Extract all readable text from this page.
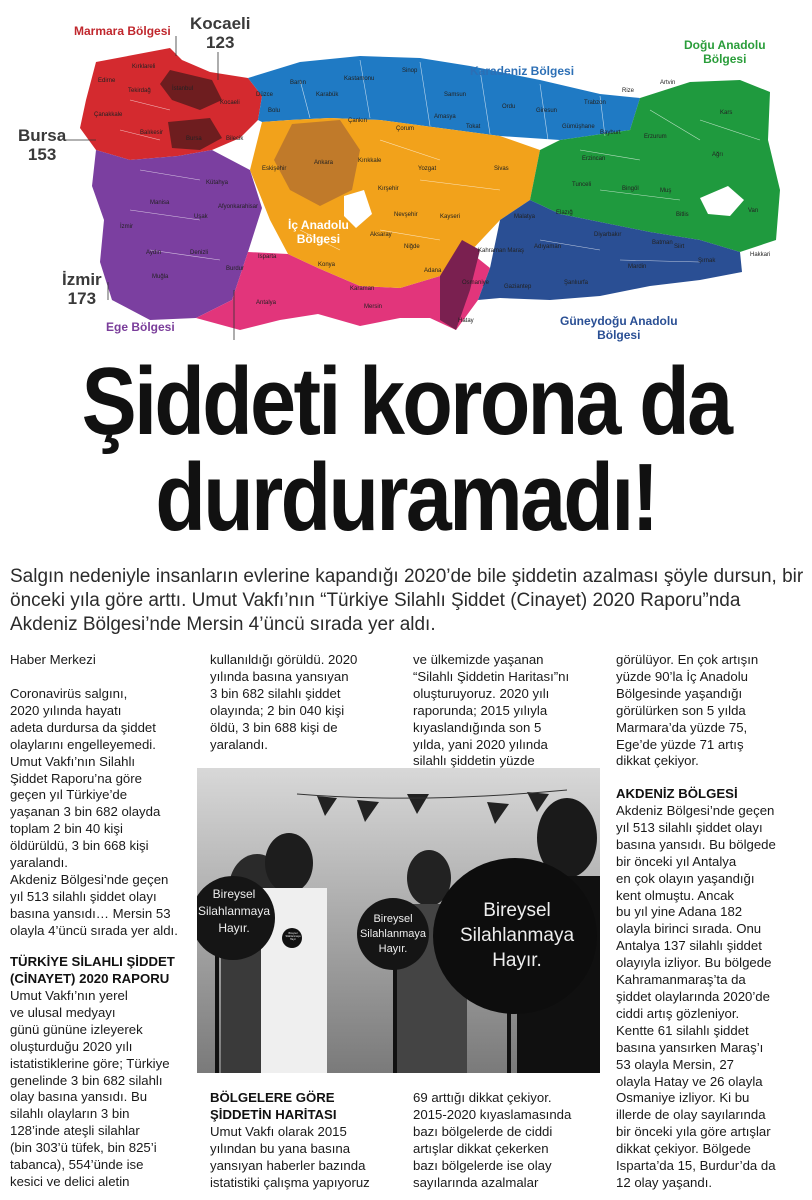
Marmara Bölgesi
Karadeniz Bölgesi
Doğu Anadolu
Bölgesi
İç Anadolu
Bölgesi
Ege Bölgesi	Güneydoğu Anadolu
Bölgesi
Kocaeli
123
Bursa
153
İzmir
173
Kırklareli
Edirne
Tekirdağ	İstanbul
Çanakkale
Balıkesir
Bursa	Bilecik
Kocaeli
Düzce
Bolu
Bartın
Karabük
Kastamonu
Sinop
Samsun
Çorum
Amasya
Tokat
Ordu
Giresun
Trabzon
Rize
Artvin
Gümüşhane
Bayburt
Çankırı
Ankara	Kırıkkale
Yozgat	Sivas
Kırşehir
Nevşehir	Kayseri
Aksaray
Niğde
Konya
Karaman
Eskişehir
Kütahya
Afyonkarahisar
Manisa
Uşak
İzmir
Aydın	Denizli
Muğla
Burdur
Isparta
Antalya
Mersin
Adana
Osmaniye
Hatay
Kahraman Maraş
Erzurum
Erzincan
Kars
Ağrı
Tunceli
Bingöl	Muş
Elazığ
Malatya	Bitlis
Van
Hakkari
Diyarbakır
Batman
Siirt
Şırnak
Mardin
Şanlıurfa
Adıyaman
Gaziantep
Şiddeti korona da
durduramadı!
Salgın nedeniyle insanların evlerine kapandığı 2020’de bile şiddetin azalması şöyle dursun, bir önceki yıla göre arttı. Umut Vakfı’nın “Türkiye Silahlı Şiddet (Cinayet) 2020 Raporu”nda Akdeniz Bölgesi’nde Mersin 4’üncü sırada yer aldı.
Haber Merkezi
Coronavirüs salgını,
2020 yılında hayatı
adeta durdursa da şiddet
olaylarını engelleyemedi.
Umut Vakfı’nın Silahlı
Şiddet Raporu’na göre
geçen yıl Türkiye’de
yaşanan 3 bin 682 olayda
toplam 2 bin 40 kişi
öldürüldü, 3 bin 668 kişi
yaralandı.
Akdeniz Bölgesi’nde geçen
yıl 513 silahlı şiddet olayı
basına yansıdı… Mersin 53
olayla 4’üncü sırada yer aldı.
TÜRKİYE SİLAHLI ŞİDDET
(CİNAYET) 2020 RAPORU
Umut Vakfı’nın yerel
ve ulusal medyayı
günü gününe izleyerek
oluşturduğu 2020 yılı
istatistiklerine göre; Türkiye
genelinde 3 bin 682 silahlı
olay basına yansıdı. Bu
silahlı olayların 3 bin
128’inde ateşli silahlar
(bin 303’ü tüfek, bin 825’i
tabanca), 554’ünde ise
kesici ve delici aletin
kullanıldığı görüldü. 2020
yılında basına yansıyan
3 bin 682 silahlı şiddet
olayında; 2 bin 040 kişi
öldü, 3 bin 688 kişi de
yaralandı.
ve ülkemizde yaşanan
“Silahlı Şiddetin Haritası”nı
oluşturuyoruz. 2020 yılı
raporunda; 2015 yılıyla
kıyaslandığında son 5
yılda, yani 2020 yılında
silahlı şiddetin yüzde
Bireysel
Silahlanmaya
Hayır.
Bireysel
Silahlanmaya
Hayır.
Bireysel
Silahlanmaya
Hayır.
Bireysel
Silahlanmaya
Hayır
BÖLGELERE GÖRE
ŞİDDETİN HARİTASI
Umut Vakfı olarak 2015
yılından bu yana basına
yansıyan haberler bazında
istatistiki çalışma yapıyoruz
69 arttığı dikkat çekiyor.
2015-2020 kıyaslamasında
bazı bölgelerde de ciddi
artışlar dikkat çekerken
bazı bölgelerde ise olay
sayılarında azalmalar
görülüyor. En çok artışın
yüzde 90’la İç Anadolu
Bölgesinde yaşandığı
görülürken son 5 yılda
Marmara’da yüzde 75,
Ege’de yüzde 71 artış
dikkat çekiyor.
AKDENİZ BÖLGESİ
Akdeniz Bölgesi’nde geçen
yıl 513 silahlı şiddet olayı
basına yansıdı. Bu bölgede
bir önceki yıl Antalya
en çok olayın yaşandığı
kent olmuştu. Ancak
bu yıl yine Adana 182
olayla birinci sırada. Onu
Antalya 137 silahlı şiddet
olayıyla izliyor. Bu bölgede
Kahramanmaraş’ta da
şiddet olaylarında 2020’de
ciddi artış gözleniyor.
Kentte 61 silahlı şiddet
basına yansırken Maraş’ı
53 olayla Mersin, 27
olayla Hatay ve 26 olayla
Osmaniye izliyor. Ki bu
illerde de olay sayılarında
bir önceki yıla göre artışlar
dikkat çekiyor. Bölgede
Isparta’da 15, Burdur’da da
12 olay yaşandı.
